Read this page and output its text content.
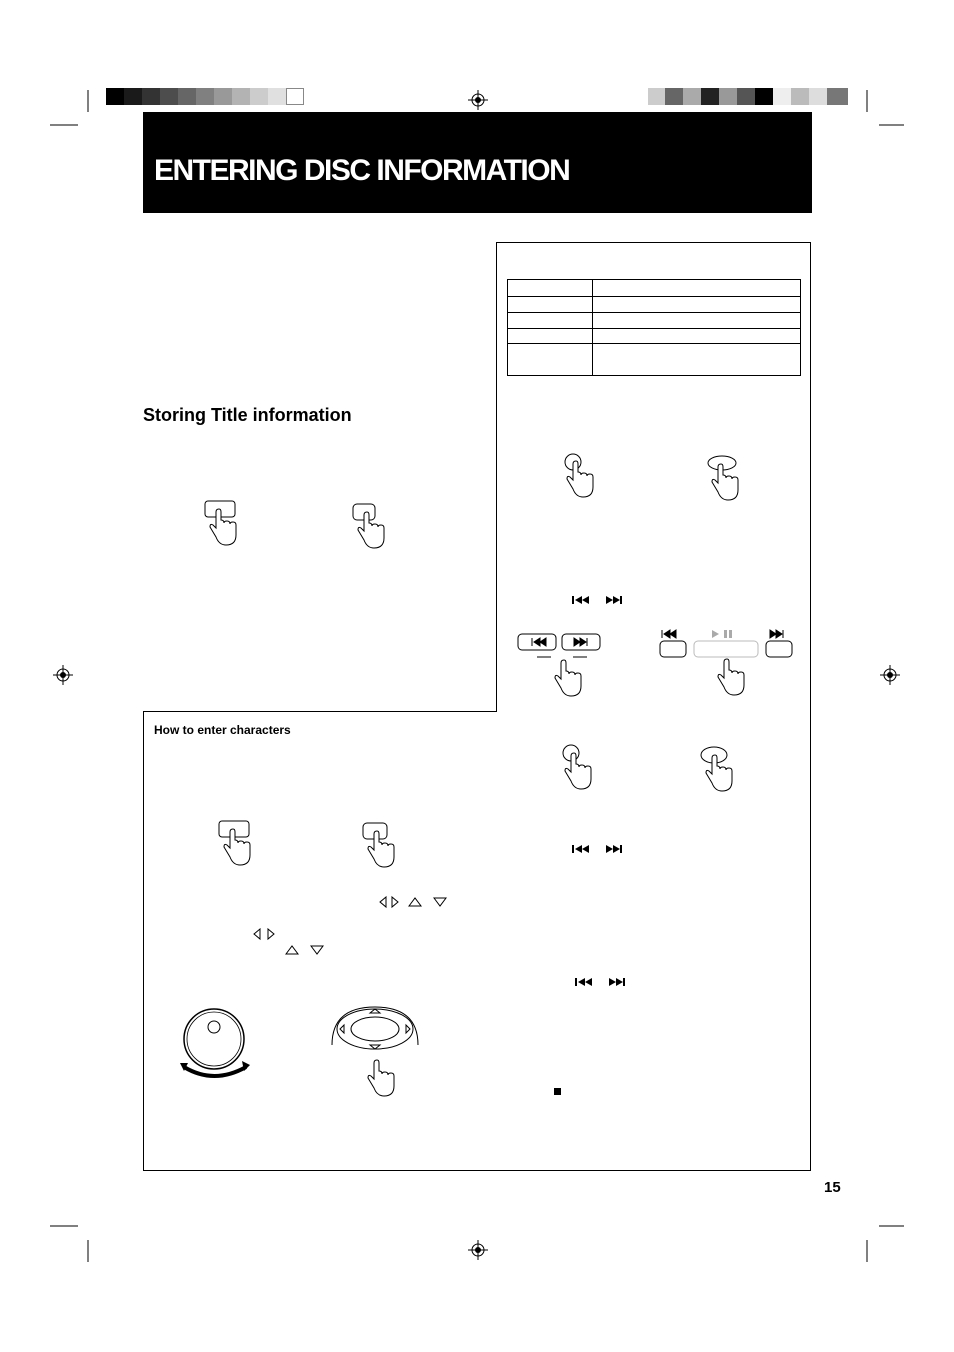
ENTERING DISC INFORMATION

Storing Title information
How to enter characters
15
